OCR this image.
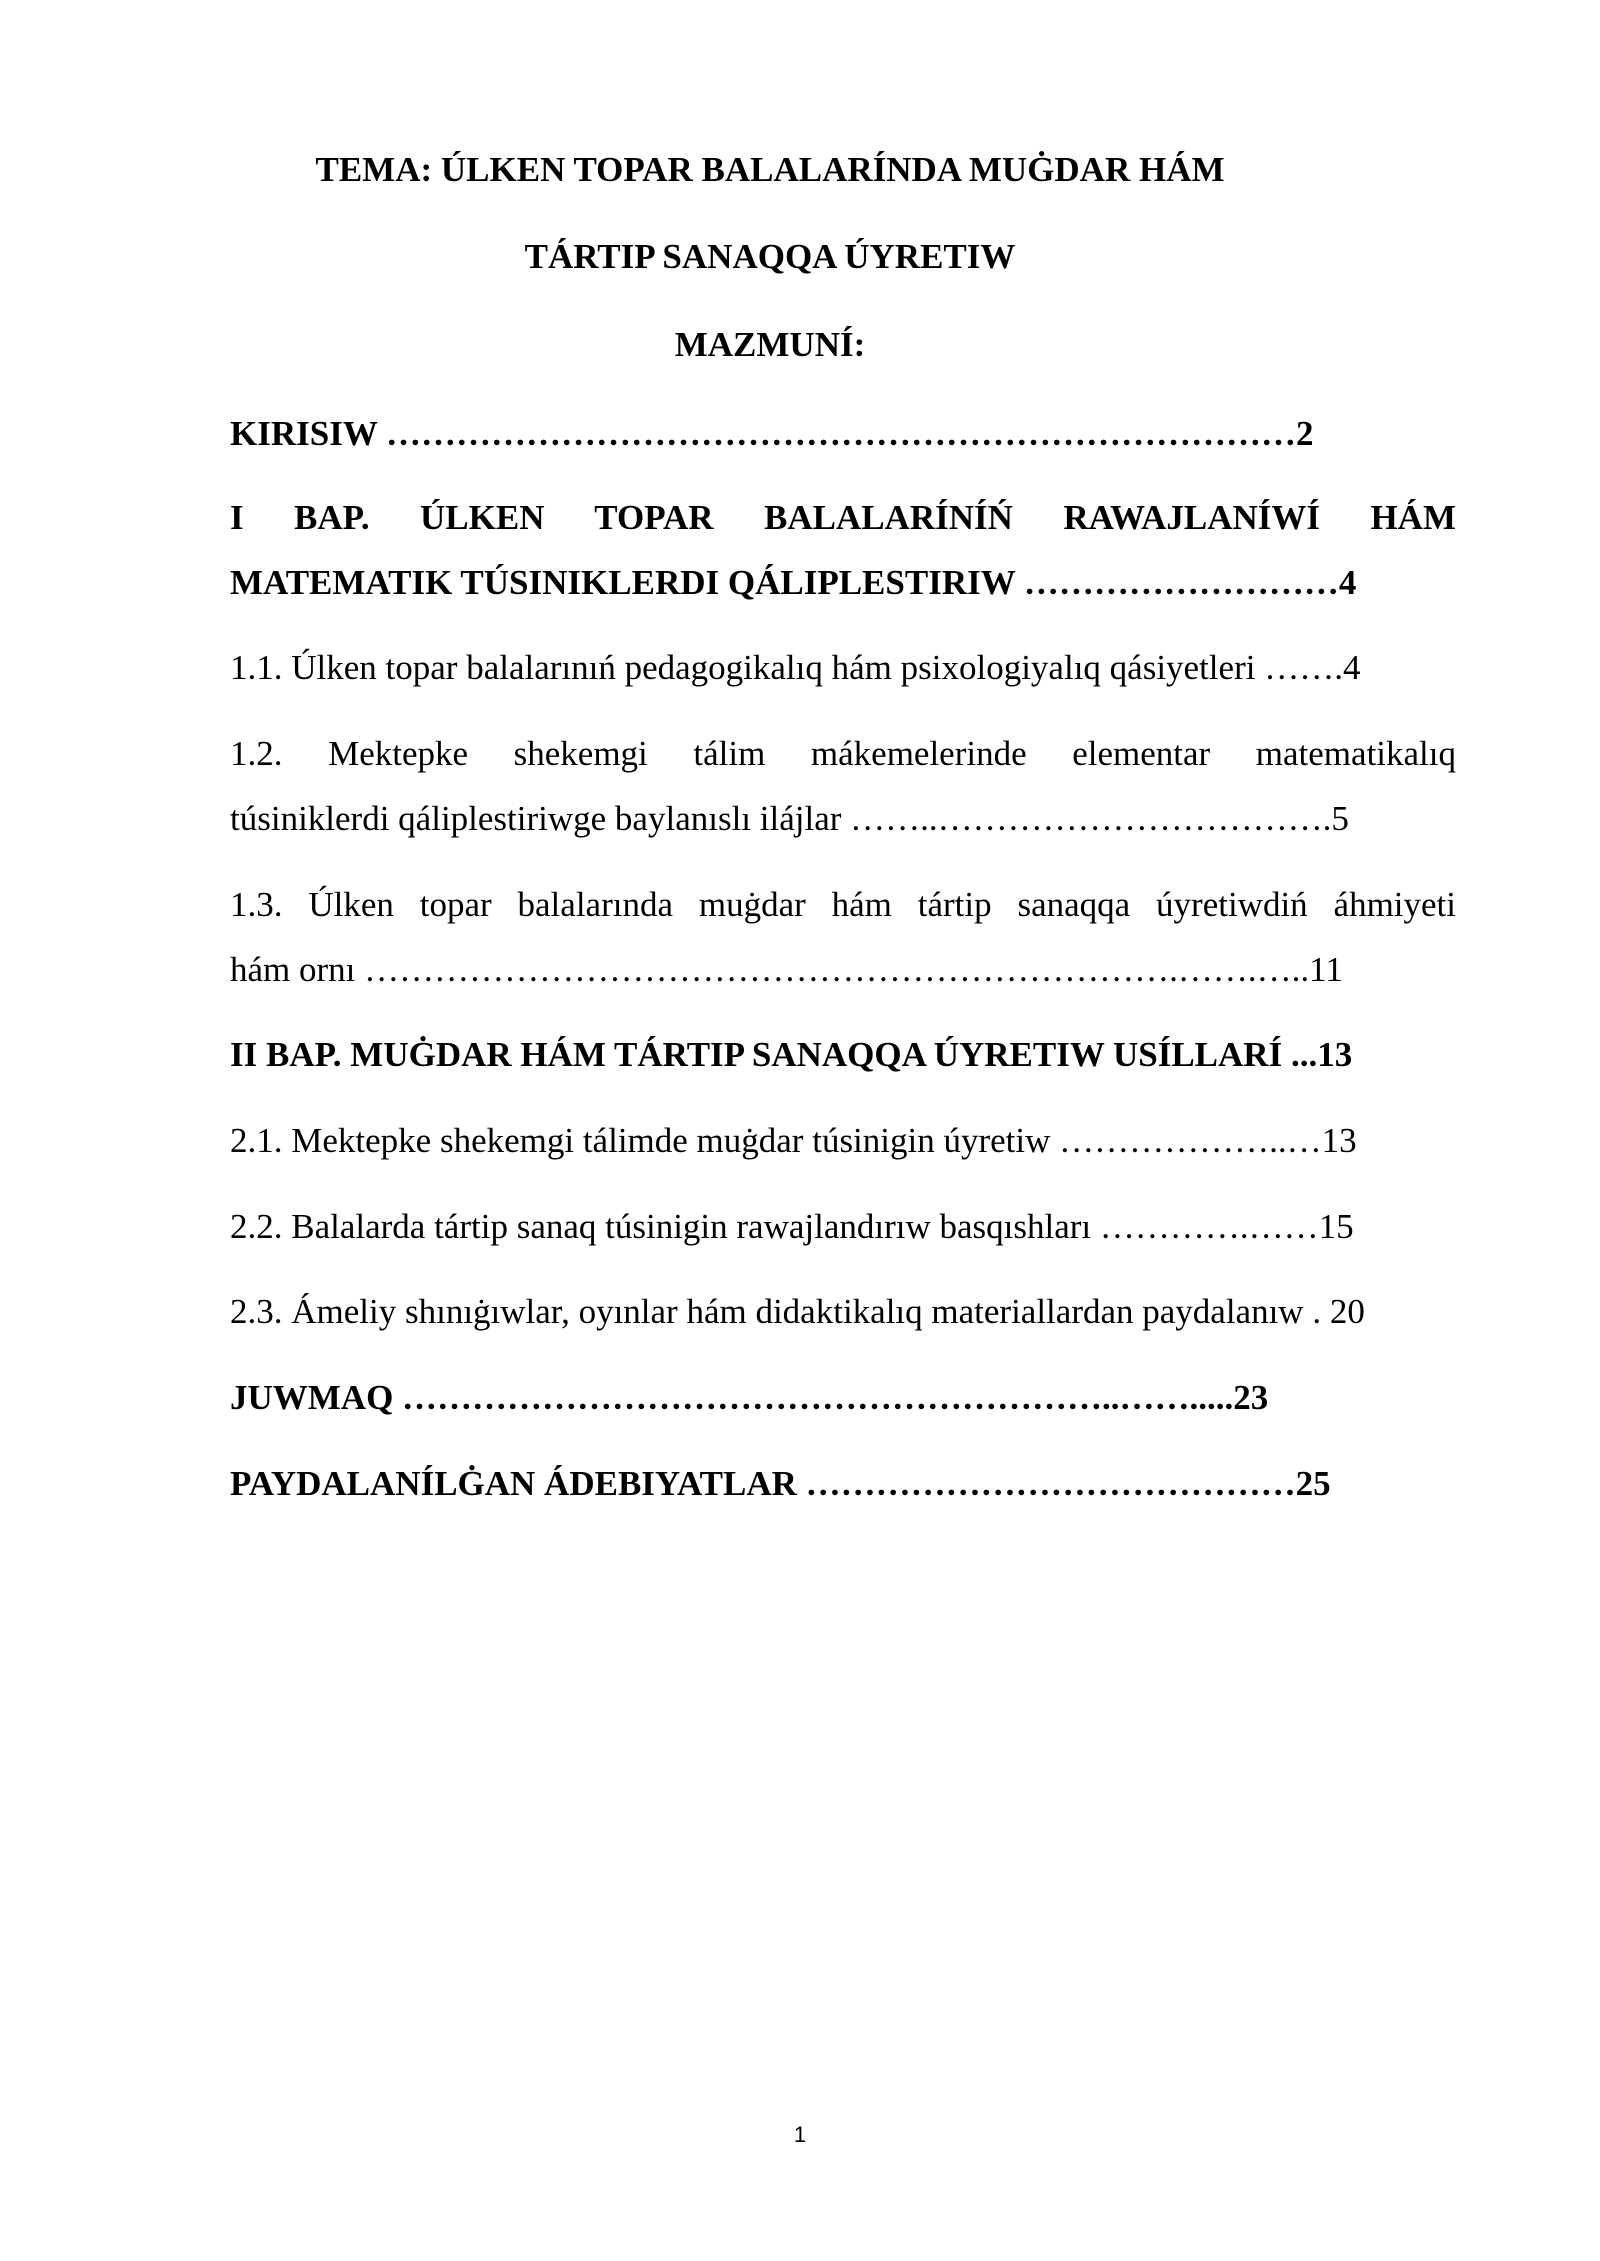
TEMA: ÚLKEN TOPAR BALALARÍNDA MUĠDAR HÁM
TÁRTIP SANAQQA ÚYRETIW
MAZMUNÍ:
KIRISIW ……………………………………………………………………2
I BAP. ÚLKEN TOPAR BALALARÍNÍŃ RAWAJLANÍWÍ HÁM
MATEMATIK TÚSINIKLERDI QÁLIPLESTIRIW ………………………4
1.1. Úlken topar balalarınıń pedagogikalıq hám psixologiyalıq qásiyetleri …….4
1.2. Mektepke shekemgi tálim mákemelerinde elementar matematikalıq
túsiniklerdi qáliplestiriwge baylanıslı ilájlar ……..…………………………….5
1.3. Úlken topar balalarında muġdar hám tártip sanaqqa úyretiwdiń áhmiyeti
hám ornı …………………………………………………………….…….…..11
II BAP. MUĠDAR HÁM TÁRTIP SANAQQA ÚYRETIW USÍLLARÍ ...13
2.1. Mektepke shekemgi tálimde muġdar túsinigin úyretiw ………………..…13
2.2. Balalarda tártip sanaq túsinigin rawajlandırıw basqıshları ………….……15
2.3. Ámeliy shınıġıwlar, oyınlar hám didaktikalıq materiallardan paydalanıw . 20
JUWMAQ ……………………………………………………..…….....23
PAYDALANÍLĠAN ÁDEBIYATLAR ……………………………………25
1
